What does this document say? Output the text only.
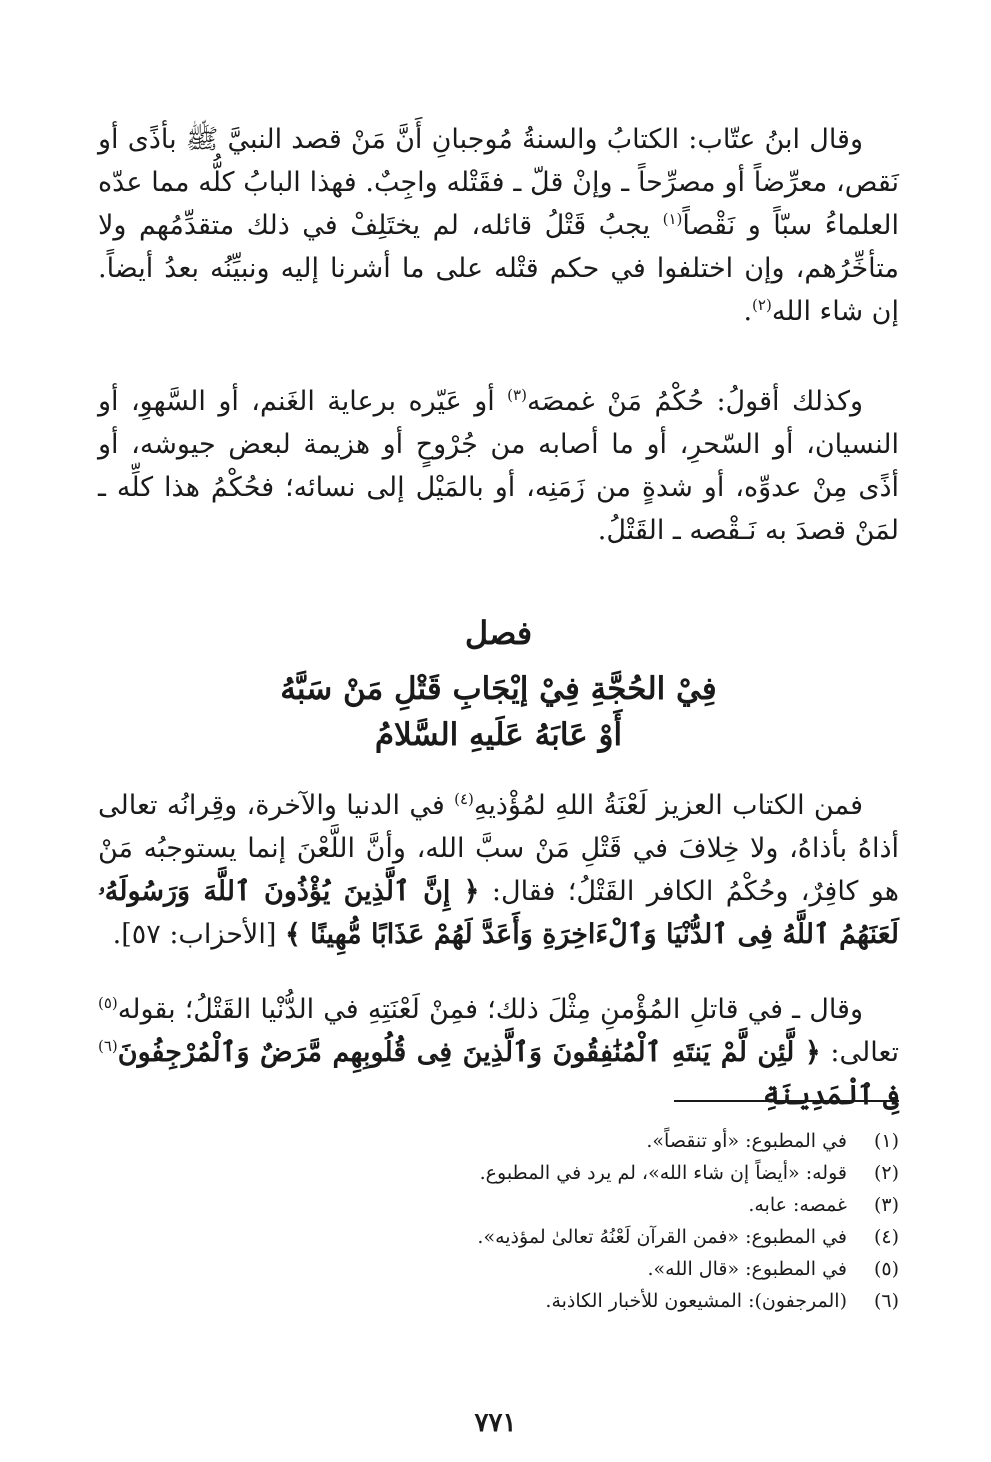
وقال ابنُ عتّاب: الكتابُ والسنةُ مُوجبانِ أَنَّ مَنْ قصد النبيَّ ﷺ بأذًى أو نَقص، معرِّضاً أو مصرِّحاً ـ وإنْ قلّ ـ فقَتْله واجِبٌ. فهذا البابُ كلُّه مما عدّه العلماءُ سبّاً و نَقْصاً$^{(١)}$ يجبُ قَتْلُ قائله، لم يختَلِفْ في ذلك متقدِّمُهم ولا متأخِّرُهم، وإن اختلفوا في حكم قتْله على ما أشرنا إليه ونبيِّنُه بعدُ أيضاً. إن شاء الله$^{(٢)}$.

وكذلك أقولُ: حُكْمُ مَنْ غمصَه$^{(٣)}$ أو عَيّره برعاية الغَنم، أو السَّهوِ، أو النسيان، أو السّحرِ، أو ما أصابه من جُرْوحٍ أو هزيمة لبعض جيوشه، أو أذًى مِنْ عدوِّه، أو شدةٍ من زَمَنِه، أو بالمَيْل إلى نسائه؛ فحُكْمُ هذا كلِّه ـ لمَنْ قصدَ به نَـقْصه ـ القَتْلُ.

فصل
فِيْ الحُجَّةِ فِيْ إيْجَابِ قَتْلِ مَنْ سَبَّهُ
أَوْ عَابَهُ عَلَيهِ السَّلامُ

فمن الكتاب العزيز لَعْنَةُ اللهِ لمُؤْذيهِ$^{(٤)}$ في الدنيا والآخرة، وقِرانُه تعالى أذاهُ بأذاهُ، ولا خِلافَ في قَتْلِ مَنْ سبَّ الله، وأنَّ اللَّعْنَ إنما يستوجبُه مَنْ هو كافِرٌ، وحُكْمُ الكافر القَتْلُ؛ فقال: ﴿ إِنَّ ٱلَّذِينَ يُؤْذُونَ ٱللَّهَ وَرَسُولَهُۥ لَعَنَهُمُ ٱللَّهُ فِى ٱلدُّنْيَا وَٱلْءَاخِرَةِ وَأَعَدَّ لَهُمْ عَذَابًا مُّهِينًا ﴾ [الأحزاب: ٥٧].

وقال ـ في قاتلِ المُؤْمنِ مِثْلَ ذلك؛ فمِنْ لَعْنَتِهِ في الدُّنْيا القَتْلُ؛ بقوله$^{(٥)}$ تعالى: ﴿ لَّئِن لَّمْ يَنتَهِ ٱلْمُنَٰفِقُونَ وَٱلَّذِينَ فِى قُلُوبِهِم مَّرَضٌ وَٱلْمُرْجِفُونَ$^{(٦)}$ فِى ٱلْمَدِينَةِ

(١)
في المطبوع: «أو تنقصاً».
(٢)
قوله: «أيضاً إن شاء الله»، لم يرد في المطبوع.
(٣)
غمصه: عابه.
(٤)
في المطبوع: «فمن القرآن لَعْنُهُ تعالىٰ لمؤذيه».
(٥)
في المطبوع: «قال الله».
(٦)
(المرجفون): المشيعون للأخبار الكاذبة.
٧٧١
